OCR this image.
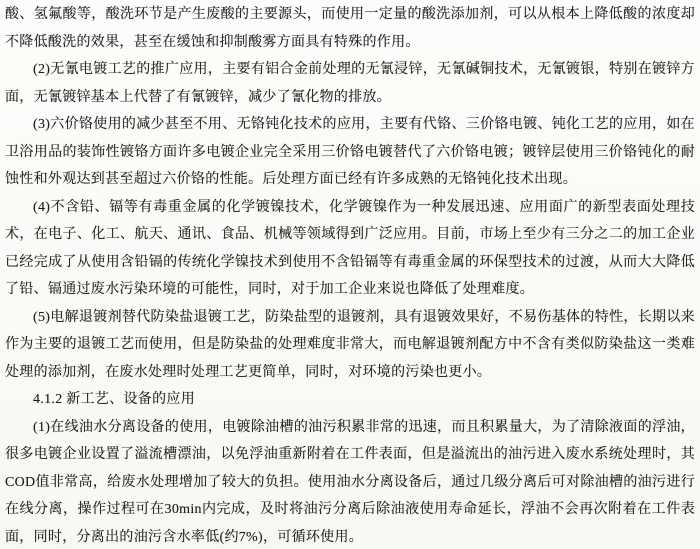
酸、氢氟酸等，酸洗环节是产生废酸的主要源头，而使用一定量的酸洗添加剂，可以从根本上降低酸的浓度却不降低酸洗的效果，甚至在缓蚀和抑制酸雾方面具有特殊的作用。

(2)无氰电镀工艺的推广应用，主要有铝合金前处理的无氰浸锌，无氰碱铜技术，无氰镀银，特别在镀锌方面，无氰镀锌基本上代替了有氰镀锌，减少了氰化物的排放。

(3)六价铬使用的减少甚至不用、无铬钝化技术的应用，主要有代铬、三价铬电镀、钝化工艺的应用，如在卫浴用品的装饰性镀铬方面许多电镀企业完全采用三价铬电镀替代了六价铬电镀；镀锌层使用三价铬钝化的耐蚀性和外观达到甚至超过六价铬的性能。后处理方面已经有许多成熟的无铬钝化技术出现。

(4)不含铅、镉等有毒重金属的化学镀镍技术，化学镀镍作为一种发展迅速、应用面广的新型表面处理技术，在电子、化工、航天、通讯、食品、机械等领域得到广泛应用。目前，市场上至少有三分之二的加工企业已经完成了从使用含铅镉的传统化学镍技术到使用不含铅镉等有毒重金属的环保型技术的过渡，从而大大降低了铅、镉通过废水污染环境的可能性，同时，对于加工企业来说也降低了处理难度。

(5)电解退镀剂替代防染盐退镀工艺，防染盐型的退镀剂，具有退镀效果好，不易伤基体的特性，长期以来作为主要的退镀工艺而使用，但是防染盐的处理难度非常大，而电解退镀剂配方中不含有类似防染盐这一类难处理的添加剂，在废水处理时处理工艺更简单，同时，对环境的污染也更小。

4.1.2 新工艺、设备的应用

(1)在线油水分离设备的使用，电镀除油槽的油污积累非常的迅速，而且积累量大，为了清除液面的浮油，很多电镀企业设置了溢流槽漂油，以免浮油重新附着在工件表面，但是溢流出的油污进入废水系统处理时，其COD值非常高，给废水处理增加了较大的负担。使用油水分离设备后，通过几级分离后可对除油槽的油污进行在线分离，操作过程可在30min内完成，及时将油污分离后除油液使用寿命延长，浮油不会再次附着在工件表面，同时，分离出的油污含水率低(约7%)，可循环使用。
